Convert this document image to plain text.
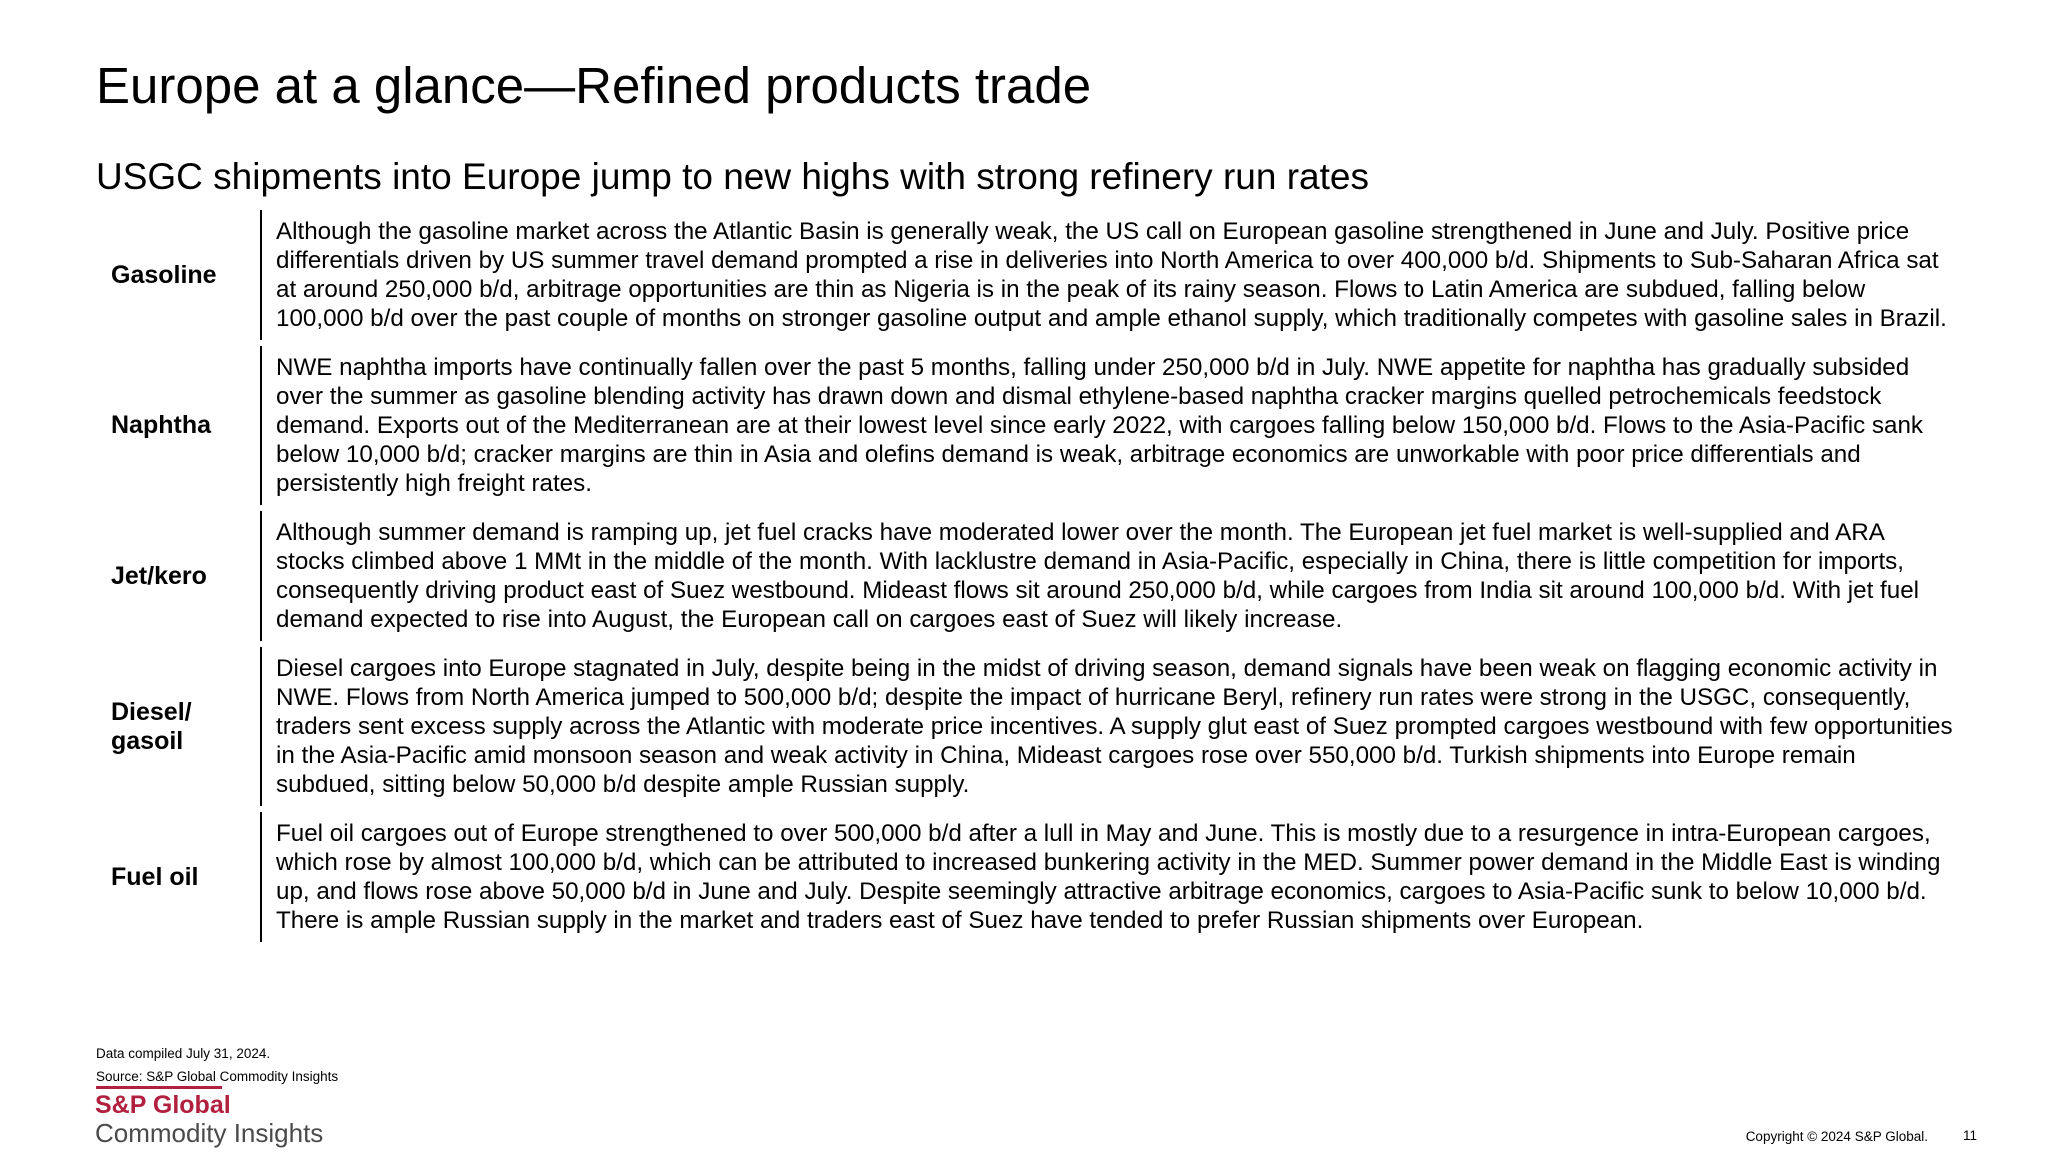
Europe at a glance—Refined products trade
USGC shipments into Europe jump to new highs with strong refinery run rates
Gasoline
Although the gasoline market across the Atlantic Basin is generally weak, the US call on European gasoline strengthened in June and July. Positive price differentials driven by US summer travel demand prompted a rise in deliveries into North America to over 400,000 b/d. Shipments to Sub-Saharan Africa sat at around 250,000 b/d, arbitrage opportunities are thin as Nigeria is in the peak of its rainy season. Flows to Latin America are subdued, falling below 100,000 b/d over the past couple of months on stronger gasoline output and ample ethanol supply, which traditionally competes with gasoline sales in Brazil.
Naphtha
NWE naphtha imports have continually fallen over the past 5 months, falling under 250,000 b/d in July. NWE appetite for naphtha has gradually subsided over the summer as gasoline blending activity has drawn down and dismal ethylene-based naphtha cracker margins quelled petrochemicals feedstock demand. Exports out of the Mediterranean are at their lowest level since early 2022, with cargoes falling below 150,000 b/d. Flows to the Asia-Pacific sank below 10,000 b/d; cracker margins are thin in Asia and olefins demand is weak, arbitrage economics are unworkable with poor price differentials and persistently high freight rates.
Jet/kero
Although summer demand is ramping up, jet fuel cracks have moderated lower over the month. The European jet fuel market is well-supplied and ARA stocks climbed above 1 MMt in the middle of the month. With lacklustre demand in Asia-Pacific, especially in China, there is little competition for imports, consequently driving product east of Suez westbound. Mideast flows sit around 250,000 b/d, while cargoes from India sit around 100,000 b/d. With jet fuel demand expected to rise into August, the European call on cargoes east of Suez will likely increase.
Diesel/
gasoil
Diesel cargoes into Europe stagnated in July, despite being in the midst of driving season, demand signals have been weak on flagging economic activity in NWE. Flows from North America jumped to 500,000 b/d; despite the impact of hurricane Beryl, refinery run rates were strong in the USGC, consequently, traders sent excess supply across the Atlantic with moderate price incentives. A supply glut east of Suez prompted cargoes westbound with few opportunities in the Asia-Pacific amid monsoon season and weak activity in China, Mideast cargoes rose over 550,000 b/d. Turkish shipments into Europe remain subdued, sitting below 50,000 b/d despite ample Russian supply.
Fuel oil
Fuel oil cargoes out of Europe strengthened to over 500,000 b/d after a lull in May and June. This is mostly due to a resurgence in intra-European cargoes, which rose by almost 100,000 b/d, which can be attributed to increased bunkering activity in the MED. Summer power demand in the Middle East is winding up, and flows rose above 50,000 b/d in June and July. Despite seemingly attractive arbitrage economics, cargoes to Asia-Pacific sunk to below 10,000 b/d. There is ample Russian supply in the market and traders east of Suez have tended to prefer Russian shipments over European.
Data compiled July 31, 2024.
Source: S&P Global Commodity Insights
S&P Global
Commodity Insights	Copyright © 2024 S&P Global.	11
